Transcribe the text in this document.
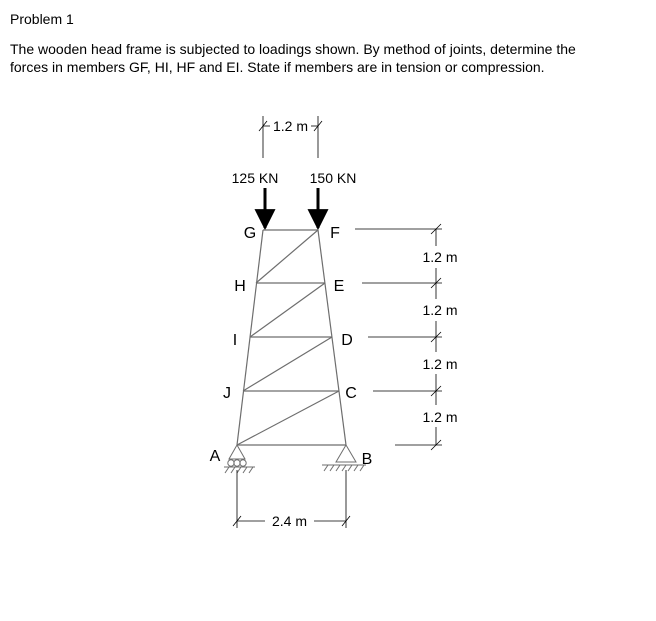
Problem 1
The wooden head frame is subjected to loadings shown. By method of joints, determine the
forces in members GF, HI, HF and EI. State if members are in tension or compression.
1.2 m
125 KN 150 KN
G	F
H	E
I	D
J	C
A	B
2.4 m
1.2 m
1.2 m
1.2 m
1.2 m
